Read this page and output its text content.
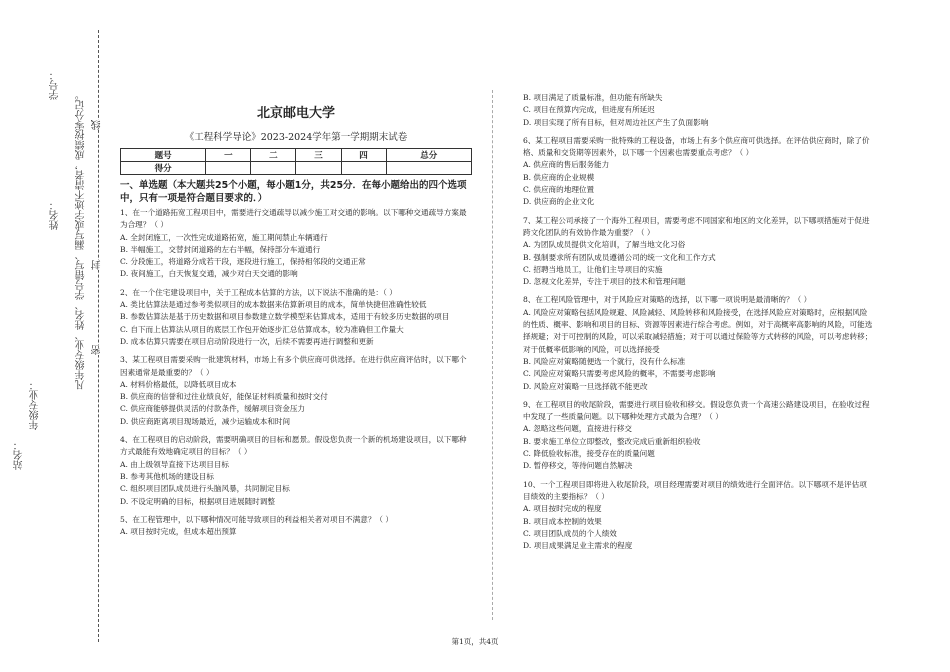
站名：
年级专业：
学号：
姓名： 凡年级专业、姓名、学号错写、漏写或字迹不清者，成绩按零分记。 线
封
密
北京邮电大学
《工程科学导论》2023-2024学年第一学期期末试卷
题号	一	二	三	四	总分
得分					
一、单选题（本大题共25个小题，每小题1分，共25分．在每小题给出的四个选项中，只有一项是符合题目要求的．）
1、在一个道路拓宽工程项目中，需要进行交通疏导以减少施工对交通的影响。以下哪种交通疏导方案最为合理？（ ）
A. 全封闭施工，一次性完成道路拓宽，施工期间禁止车辆通行
B. 半幅施工，交替封闭道路的左右半幅，保持部分车道通行
C. 分段施工，将道路分成若干段，逐段进行施工，保持相邻段的交通正常
D. 夜间施工，白天恢复交通，减少对白天交通的影响
2、在一个住宅建设项目中，关于工程成本估算的方法，以下说法不准确的是：（ ）
A. 类比估算法是通过参考类似项目的成本数据来估算新项目的成本，简单快捷但准确性较低
B. 参数估算法是基于历史数据和项目参数建立数学模型来估算成本，适用于有较多历史数据的项目
C. 自下而上估算法从项目的底层工作包开始逐步汇总估算成本，较为准确但工作量大
D. 成本估算只需要在项目启动阶段进行一次，后续不需要再进行调整和更新
3、某工程项目需要采购一批建筑材料，市场上有多个供应商可供选择。在进行供应商评估时，以下哪个因素通常是最重要的？（ ）
A. 材料价格最低，以降低项目成本
B. 供应商的信誉和过往业绩良好，能保证材料质量和按时交付
C. 供应商能够提供灵活的付款条件，缓解项目资金压力
D. 供应商距离项目现场最近，减少运输成本和时间
4、在工程项目的启动阶段，需要明确项目的目标和愿景。假设您负责一个新的机场建设项目，以下哪种方式最能有效地确定项目的目标？（ ）
A. 由上级领导直接下达项目目标
B. 参考其他机场的建设目标
C. 组织项目团队成员进行头脑风暴，共同制定目标
D. 不设定明确的目标，根据项目进展随时调整
5、在工程管理中，以下哪种情况可能导致项目的利益相关者对项目不满意？（ ）
A. 项目按时完成，但成本超出预算
B. 项目满足了质量标准，但功能有所缺失
C. 项目在预算内完成，但进度有所延迟
D. 项目实现了所有目标，但对周边社区产生了负面影响
6、某工程项目需要采购一批特殊的工程设备，市场上有多个供应商可供选择。在评估供应商时，除了价格、质量和交货期等因素外，以下哪一个因素也需要重点考虑？（ ）
A. 供应商的售后服务能力
B. 供应商的企业规模
C. 供应商的地理位置
D. 供应商的企业文化
7、某工程公司承接了一个海外工程项目，需要考虑不同国家和地区的文化差异，以下哪项措施对于促进跨文化团队的有效协作最为重要？（ ）
A. 为团队成员提供文化培训，了解当地文化习俗
B. 强制要求所有团队成员遵循公司的统一文化和工作方式
C. 招聘当地员工，让他们主导项目的实施
D. 忽视文化差异，专注于项目的技术和管理问题
8、在工程风险管理中，对于风险应对策略的选择，以下哪一项说明是最清晰的？（ ）
A. 风险应对策略包括风险规避、风险减轻、风险转移和风险接受，在选择风险应对策略时，应根据风险的性质、概率、影响和项目的目标、资源等因素进行综合考虑。例如，对于高概率高影响的风险，可能选择规避；对于可控制的风险，可以采取减轻措施；对于可以通过保险等方式转移的风险，可以考虑转移；对于低概率低影响的风险，可以选择接受
B. 风险应对策略随便选一个就行，没有什么标准
C. 风险应对策略只需要考虑风险的概率，不需要考虑影响
D. 风险应对策略一旦选择就不能更改
9、在工程项目的收尾阶段，需要进行项目验收和移交。假设您负责一个高速公路建设项目，在验收过程中发现了一些质量问题。以下哪种处理方式最为合理？（ ）
A. 忽略这些问题，直接进行移交
B. 要求施工单位立即整改，整改完成后重新组织验收
C. 降低验收标准，接受存在的质量问题
D. 暂停移交，等待问题自然解决
10、一个工程项目即将进入收尾阶段，项目经理需要对项目的绩效进行全面评估。以下哪项不是评估项目绩效的主要指标？（ ）
A. 项目按时完成的程度
B. 项目成本控制的效果
C. 项目团队成员的个人绩效
D. 项目成果满足业主需求的程度
第1页，共4页
